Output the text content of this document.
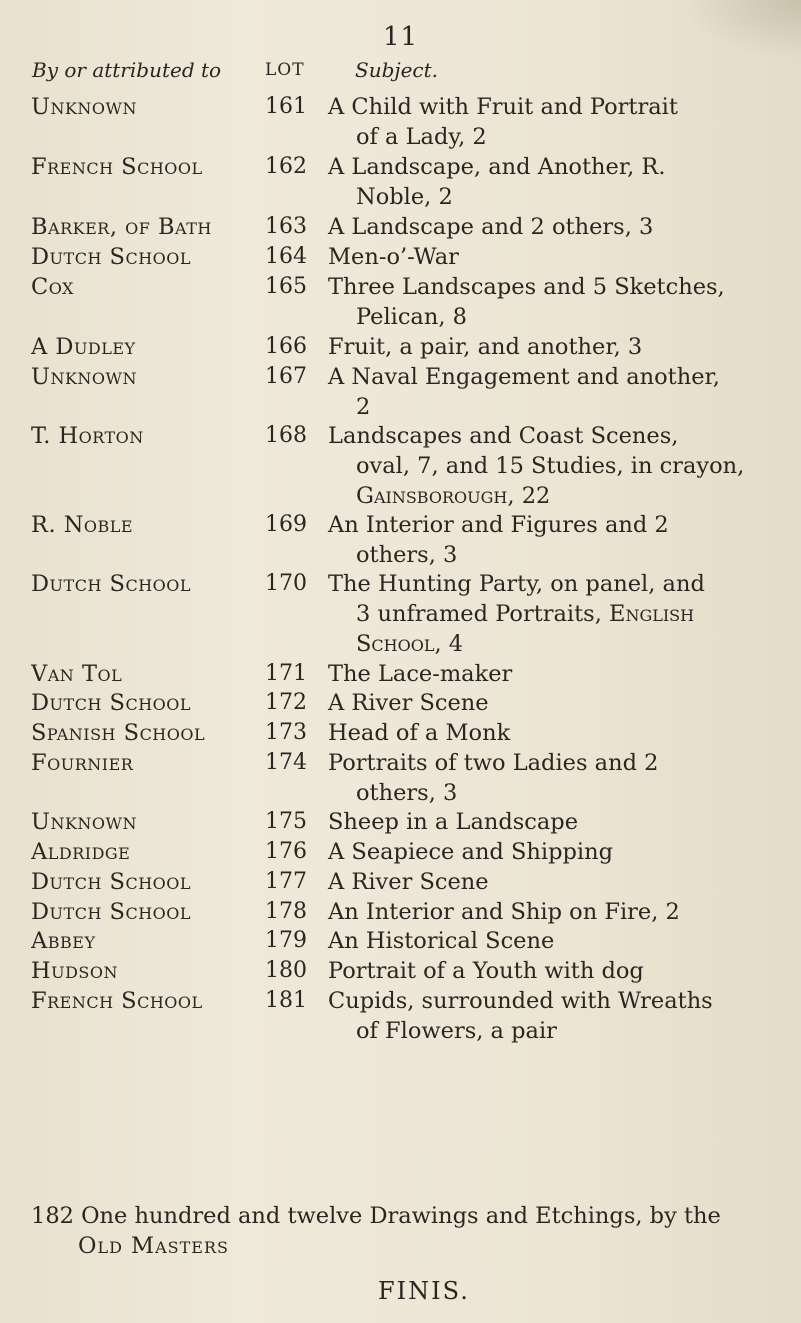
11
By or attributed to	LOT	Subject.
Unknown	161 A Child with Fruit and Portrait
of a Lady, 2
French School	162 A Landscape, and Another, R.
Noble, 2
Barker, of Bath	163 A Landscape and 2 others, 3
Dutch School	164 Men-o’-War
Cox	165 Three Landscapes and 5 Sketches,
Pelican, 8
A Dudley	166 Fruit, a pair, and another, 3
Unknown	167 A Naval Engagement and another,
2
T. Horton	168 Landscapes and Coast Scenes,
oval, 7, and 15 Studies, in crayon,
Gainsborough, 22
R. Noble	169 An Interior and Figures and 2
others, 3
Dutch School	170 The Hunting Party, on panel, and
3 unframed Portraits, English
School, 4
Van Tol	171 The Lace-maker
Dutch School	172 A River Scene
Spanish School	173 Head of a Monk
Fournier	174 Portraits of two Ladies and 2
others, 3
Unknown	175 Sheep in a Landscape
Aldridge	176 A Seapiece and Shipping
Dutch School	177 A River Scene
Dutch School	178 An Interior and Ship on Fire, 2
Abbey	179 An Historical Scene
Hudson	180 Portrait of a Youth with dog
French School	181 Cupids, surrounded with Wreaths
of Flowers, a pair
182 One hundred and twelve Drawings and Etchings, by the
Old Masters
FINIS.
